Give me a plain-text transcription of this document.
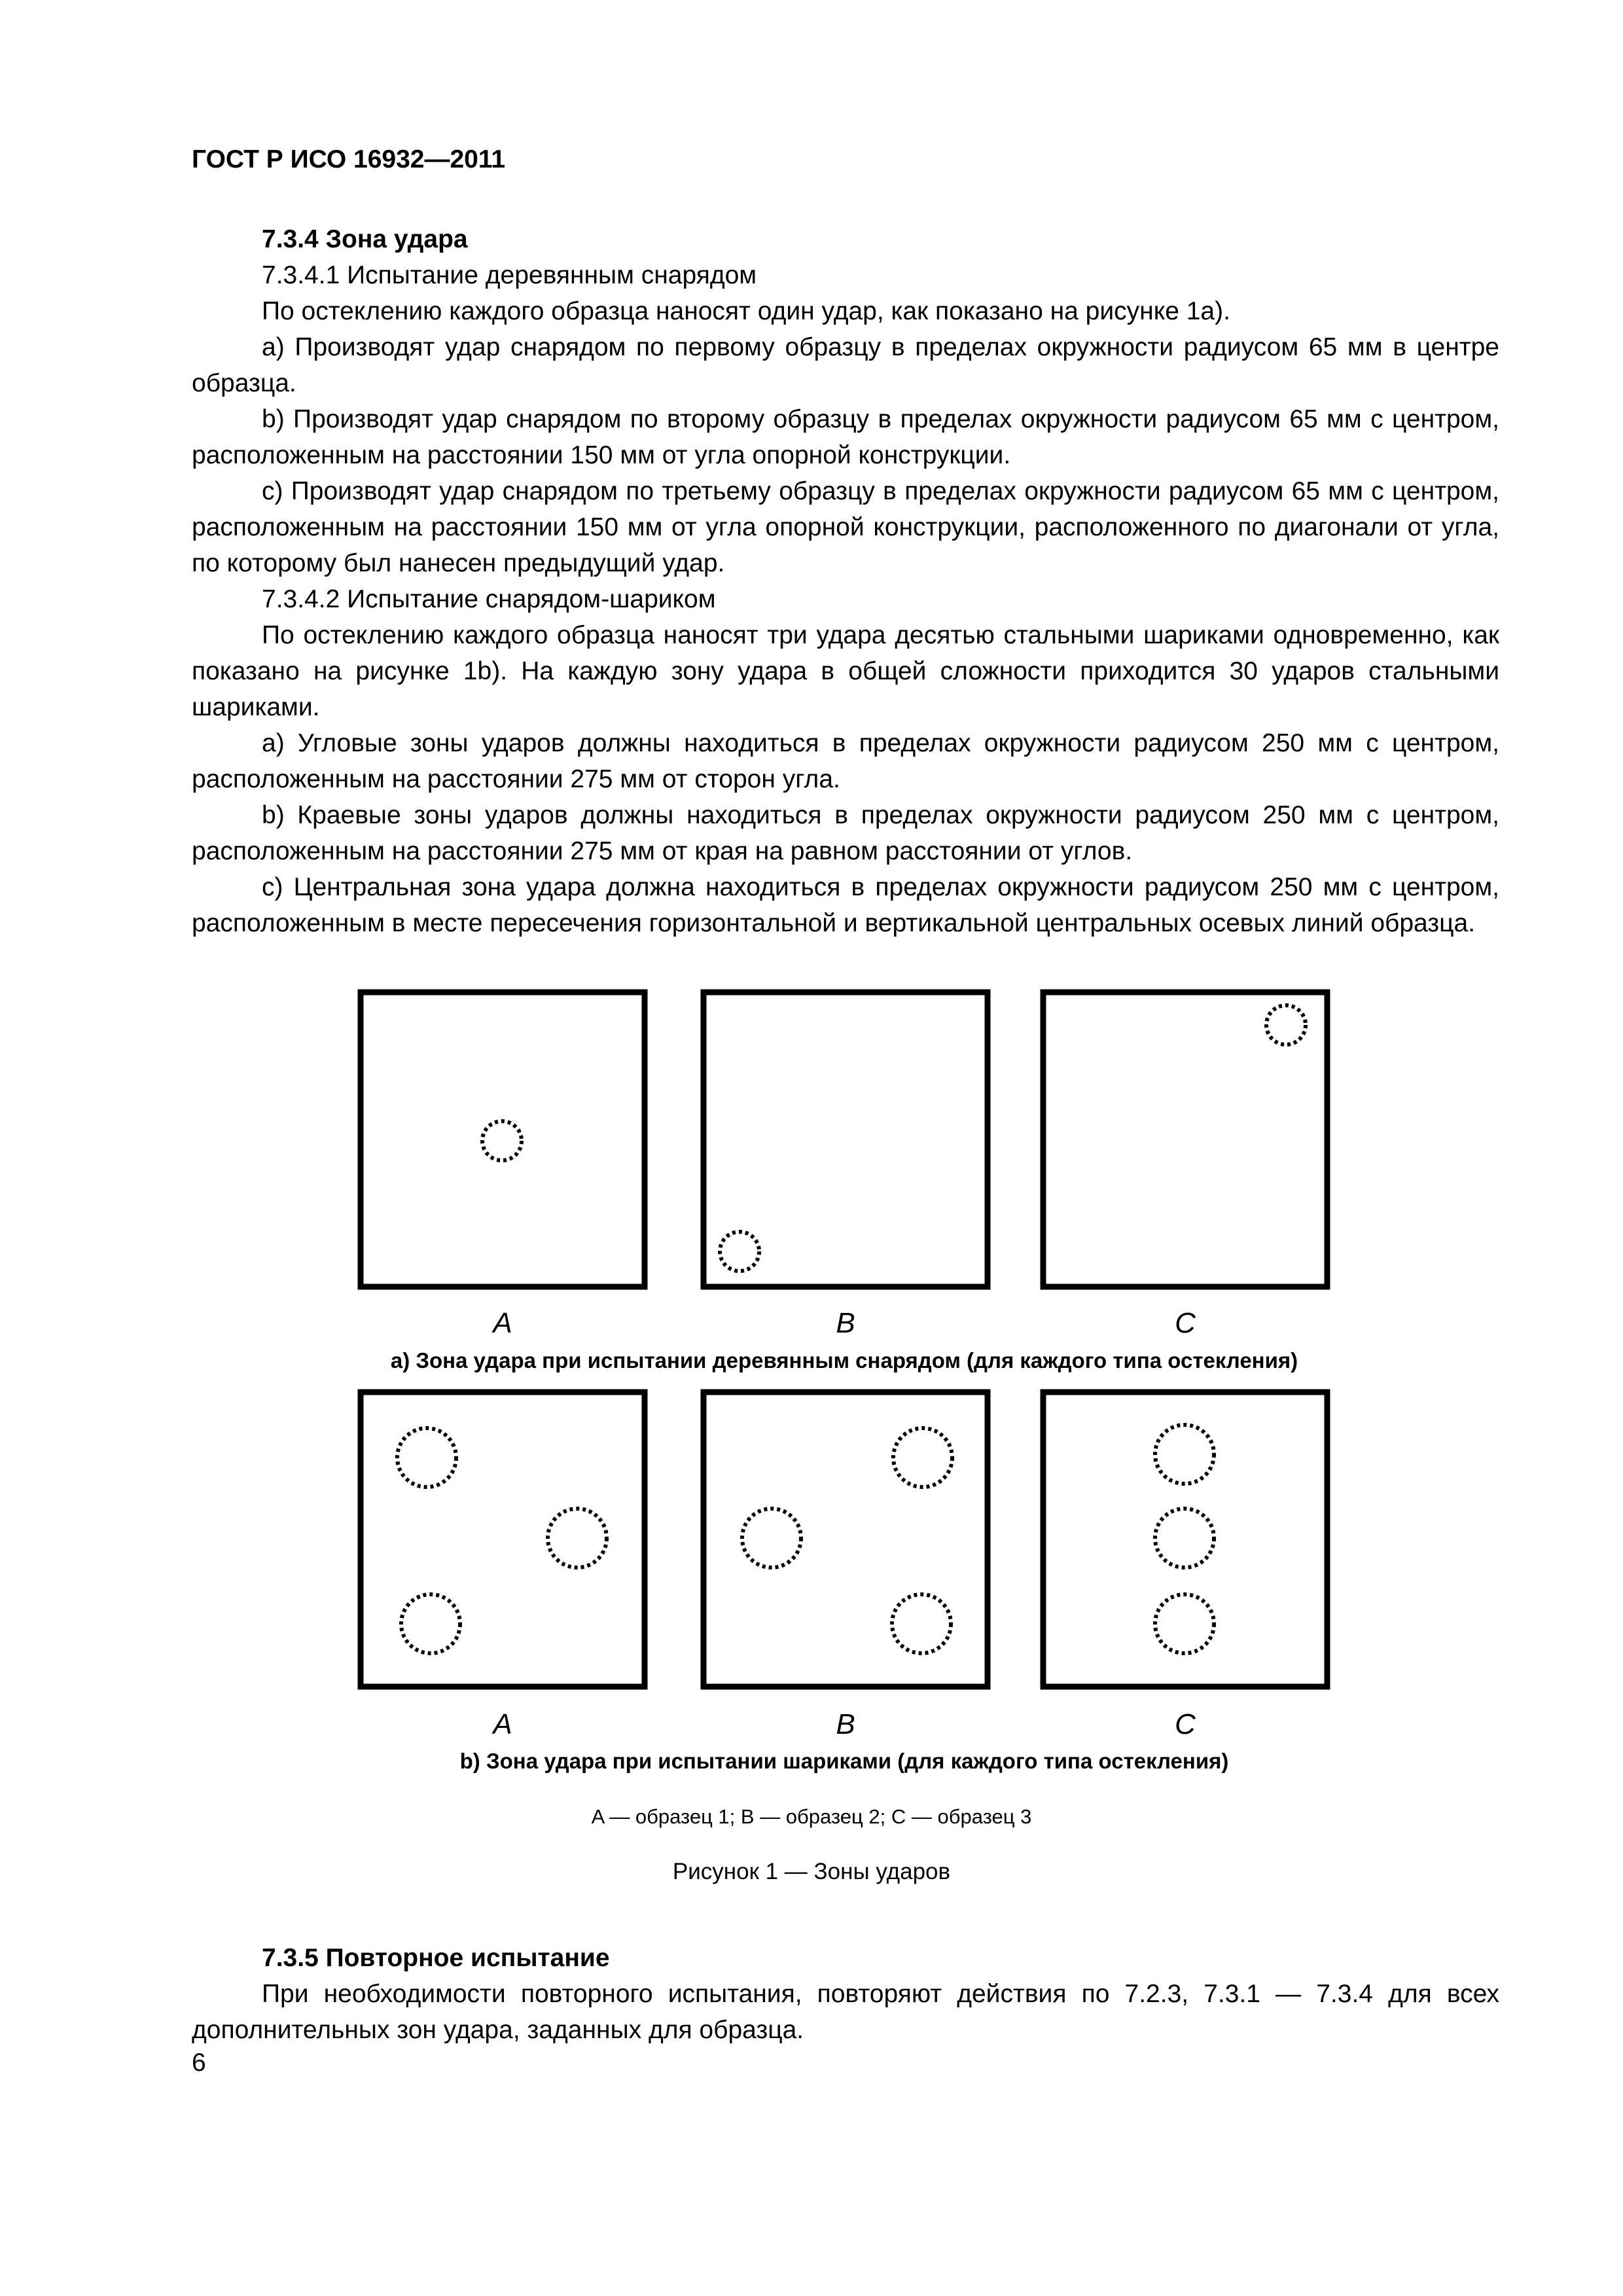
ГОСТ Р ИСО 16932—2011

7.3.4 Зона удара

7.3.4.1 Испытание деревянным снарядом

По остеклению каждого образца наносят один удар, как показано на рисунке 1а).

a) Производят удар снарядом по первому образцу в пределах окружности радиусом 65 мм в центре образца.

b) Производят удар снарядом по второму образцу в пределах окружности радиусом 65 мм с центром, расположенным на расстоянии 150 мм от угла опорной конструкции.

c) Производят удар снарядом по третьему образцу в пределах окружности радиусом 65 мм с центром, расположенным на расстоянии 150 мм от угла опорной конструкции, расположенного по диагонали от угла, по которому был нанесен предыдущий удар.

7.3.4.2 Испытание снарядом-шариком

По остеклению каждого образца наносят три удара десятью стальными шариками одновременно, как показано на рисунке 1b). На каждую зону удара в общей сложности приходится 30 ударов стальными шариками.

a) Угловые зоны ударов должны находиться в пределах окружности радиусом 250 мм с центром, расположенным на расстоянии 275 мм от сторон угла.

b) Краевые зоны ударов должны находиться в пределах окружности радиусом 250 мм с центром, расположенным на расстоянии 275 мм от края на равном расстоянии от углов.

c) Центральная зона удара должна находиться в пределах окружности радиусом 250 мм с центром, расположенным в месте пересечения горизонтальной и вертикальной центральных осевых линий образца.

A	B	C
а) Зона удара при испытании деревянным снарядом (для каждого типа остекления)
A	B	C
b) Зона удара при испытании шариками (для каждого типа остекления)
A — образец 1; B — образец 2; C — образец 3
Рисунок 1 — Зоны ударов

7.3.5 Повторное испытание

При необходимости повторного испытания, повторяют действия по 7.2.3, 7.3.1 — 7.3.4 для всех дополнительных зон удара, заданных для образца.

6
